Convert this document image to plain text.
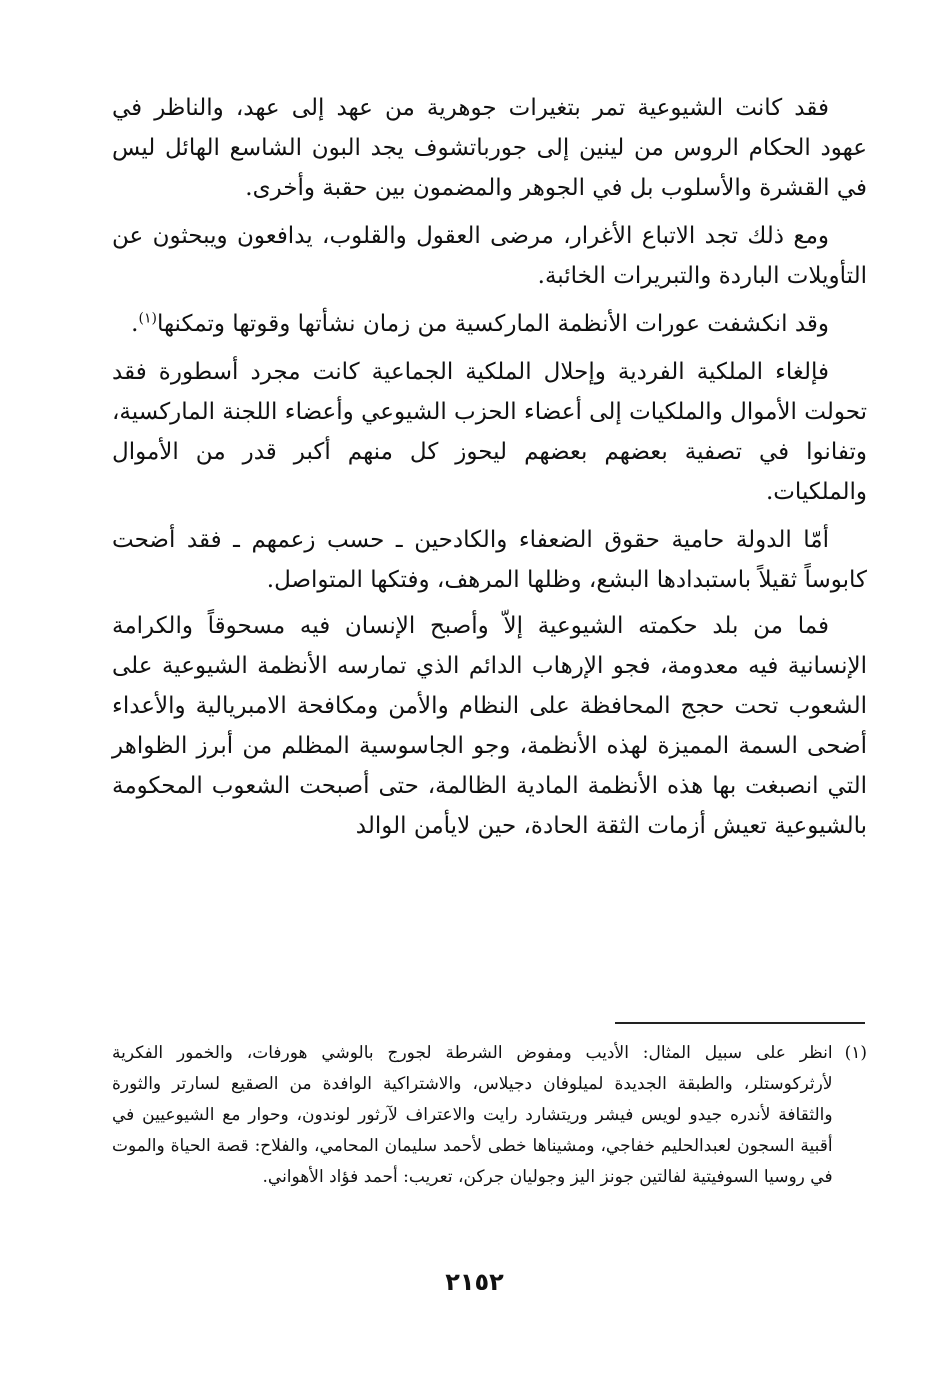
فقد كانت الشيوعية تمر بتغيرات جوهرية من عهد إلى عهد، والناظر في عهود الحكام الروس من لينين إلى جورباتشوف يجد البون الشاسع الهائل ليس في القشرة والأسلوب بل في الجوهر والمضمون بين حقبة وأخرى.

ومع ذلك تجد الاتباع الأغرار، مرضى العقول والقلوب، يدافعون ويبحثون عن التأويلات الباردة والتبريرات الخائبة.

وقد انكشفت عورات الأنظمة الماركسية من زمان نشأتها وقوتها وتمكنها$^{(١)}$.

فإلغاء الملكية الفردية وإحلال الملكية الجماعية كانت مجرد أسطورة فقد تحولت الأموال والملكيات إلى أعضاء الحزب الشيوعي وأعضاء اللجنة الماركسية، وتفانوا في تصفية بعضهم بعضهم ليحوز كل منهم أكبر قدر من الأموال والملكيات.

أمّا الدولة حامية حقوق الضعفاء والكادحين ـ حسب زعمهم ـ فقد أضحت كابوساً ثقيلاً باستبدادها البشع، وظلها المرهف، وفتكها المتواصل.

فما من بلد حكمته الشيوعية إلاّ وأصبح الإنسان فيه مسحوقاً والكرامة الإنسانية فيه معدومة، فجو الإرهاب الدائم الذي تمارسه الأنظمة الشيوعية على الشعوب تحت حجج المحافظة على النظام والأمن ومكافحة الامبريالية والأعداء أضحى السمة المميزة لهذه الأنظمة، وجو الجاسوسية المظلم من أبرز الظواهر التي انصبغت بها هذه الأنظمة المادية الظالمة، حتى أصبحت الشعوب المحكومة بالشيوعية تعيش أزمات الثقة الحادة، حين لايأمن الوالد

(١)
انظر على سبيل المثال: الأديب ومفوض الشرطة لجورج بالوشي هورفات، والخمور الفكرية لأرثركوستلر، والطبقة الجديدة لميلوفان دجيلاس، والاشتراكية الوافدة من الصقيع لسارتر والثورة والثقافة لأندره جيدو لويس فيشر وريتشارد رايت والاعتراف لآرثور لوندون، وحوار مع الشيوعيين في أقبية السجون لعبدالحليم خفاجي، ومشيناها خطى لأحمد سليمان المحامي، والفلاح: قصة الحياة والموت في روسيا السوفيتية لفالتين جونز اليز وجوليان جركن، تعريب: أحمد فؤاد الأهواني.
٢١٥٢
